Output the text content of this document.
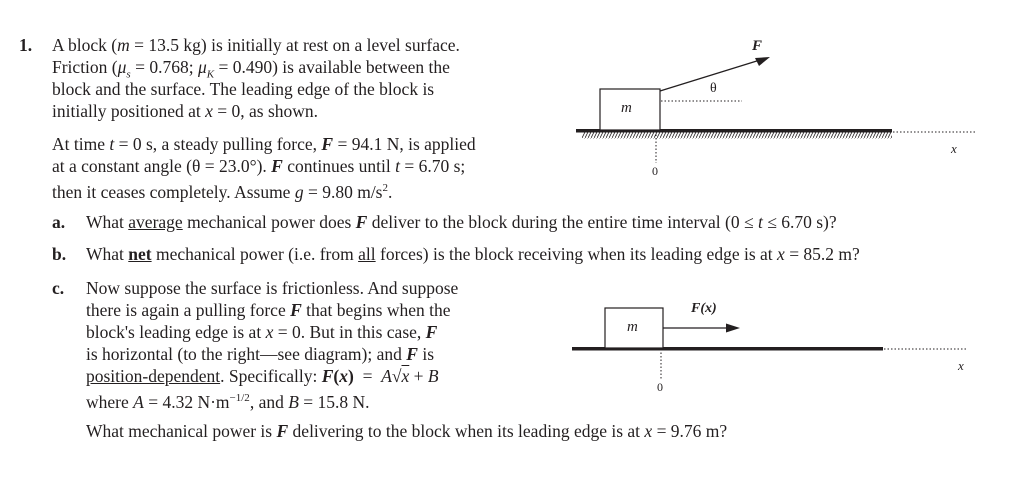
1. A block (m = 13.5 kg) is initially at rest on a level surface.
Friction ($\mu_s = 0.768$; $\mu_K = 0.490$) is available between the
block and the surface. The leading edge of the block is
initially positioned at x = 0, as shown.
At time t = 0 s, a steady pulling force, F = 94.1 N, is applied
at a constant angle (θ = 23.0°). F continues until t = 6.70 s;
then it ceases completely. Assume g = 9.80 $m/s^2$.
a. What average mechanical power does F deliver to the block during the entire time interval (0 ≤ t ≤ 6.70 s)?
b. What net mechanical power (i.e. from all forces) is the block receiving when its leading edge is at x = 85.2 m?
c. Now suppose the surface is frictionless. And suppose
there is again a pulling force F that begins when the
block's leading edge is at x = 0. But in this case, F
is horizontal (to the right—see diagram); and F is
position-dependent. Specifically: F(x)  =  A√x + B
where A = 4.32 $N\cdot m^{-1/2}$, and B = 15.8 N.
What mechanical power is F delivering to the block when its leading edge is at x = 9.76 m?
F
θ
m
0
x
F(x)
m
0
x
